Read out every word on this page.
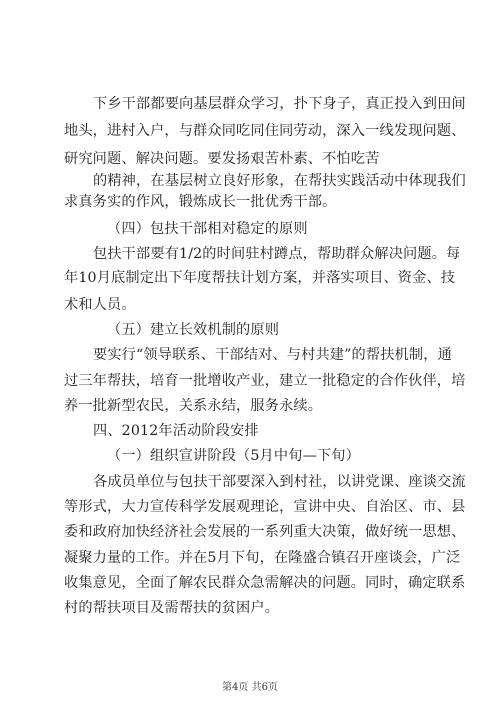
下乡干部都要向基层群众学习，扑下身子，真正投入到田间
地头，进村入户，与群众同吃同住同劳动，深入一线发现问题、
研究问题、解决问题。要发扬艰苦朴素、不怕吃苦
的精神，在基层树立良好形象，在帮扶实践活动中体现我们
求真务实的作风，锻炼成长一批优秀干部。
（四）包扶干部相对稳定的原则
包扶干部要有1/2的时间驻村蹲点，帮助群众解决问题。每
年10月底制定出下年度帮扶计划方案，并落实项目、资金、技
术和人员。
（五）建立长效机制的原则
要实行“领导联系、干部结对、与村共建”的帮扶机制，通
过三年帮扶，培育一批增收产业，建立一批稳定的合作伙伴，培
养一批新型农民，关系永结，服务永续。
四、2012年活动阶段安排
（一）组织宣讲阶段（5月中旬—下旬）
各成员单位与包扶干部要深入到村社，以讲党课、座谈交流
等形式，大力宣传科学发展观理论，宣讲中央、自治区、市、县
委和政府加快经济社会发展的一系列重大决策，做好统一思想、
凝聚力量的工作。并在5月下旬，在隆盛合镇召开座谈会，广泛
收集意见，全面了解农民群众急需解决的问题。同时，确定联系
村的帮扶项目及需帮扶的贫困户。
第4页 共6页
